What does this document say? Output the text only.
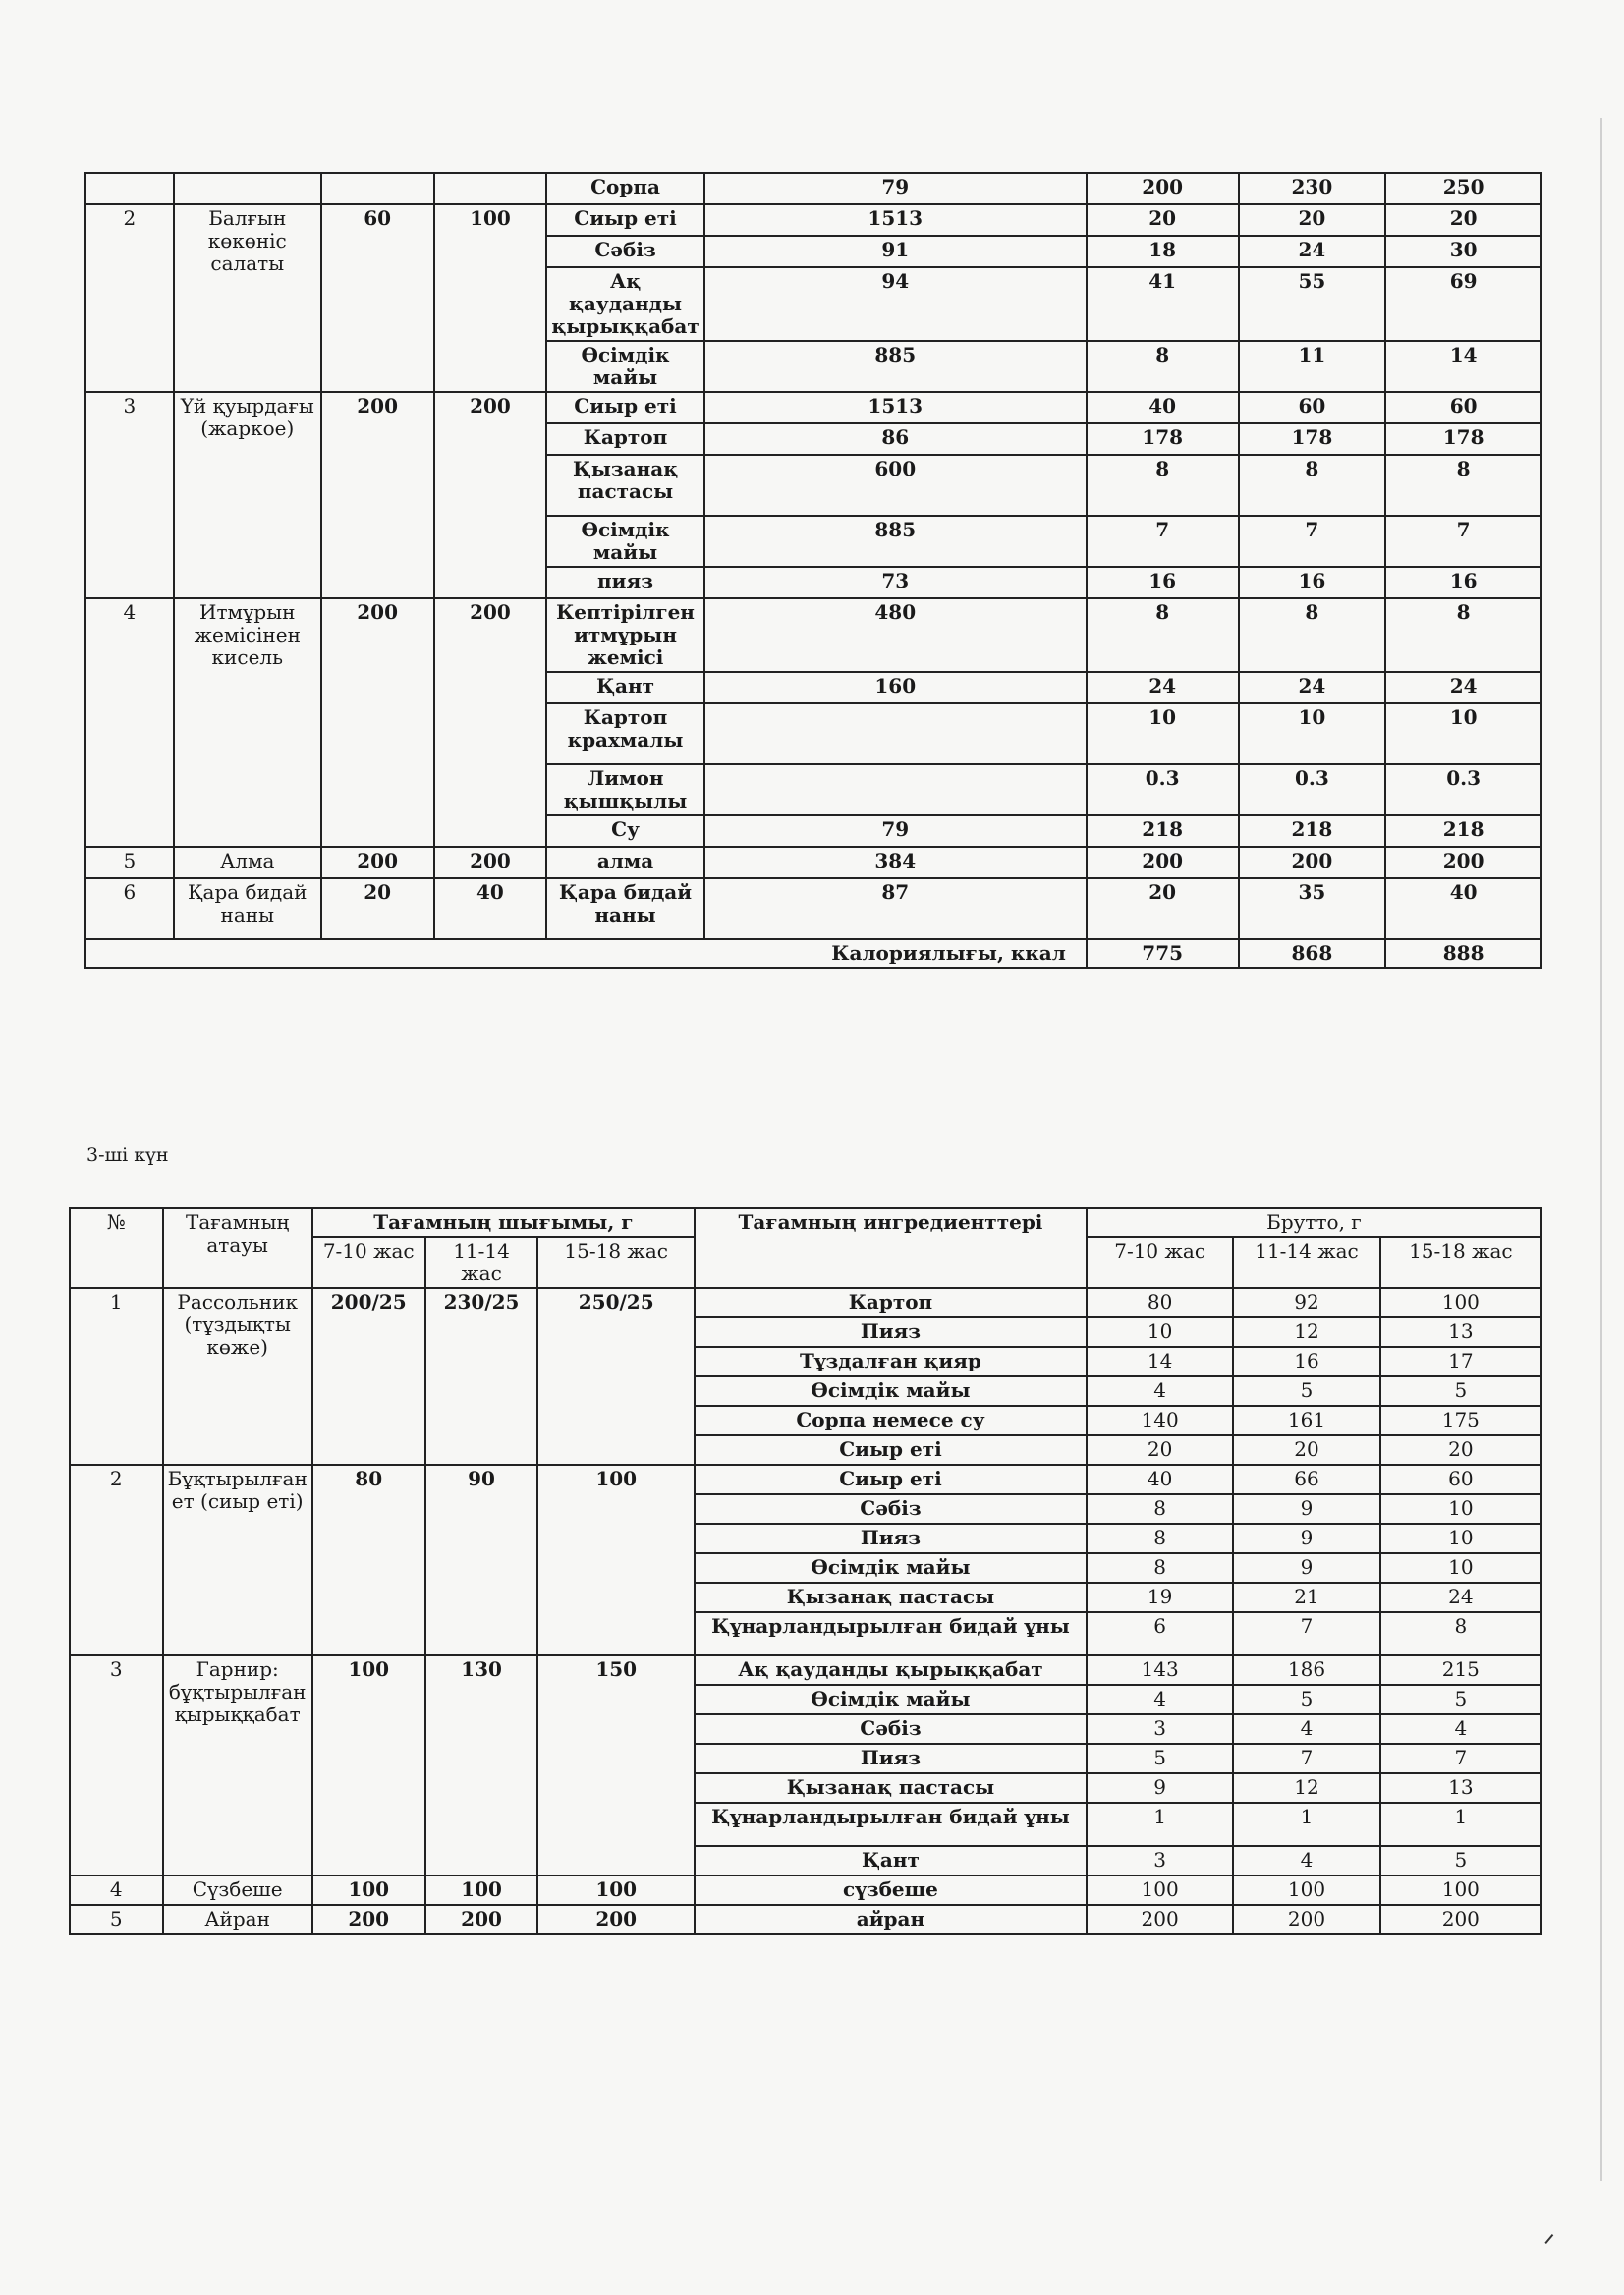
				Сорпа	79	200	230	250
2	Балғын көкөніс салаты	60	100	Сиыр еті	1513	20	20	20
				Сәбіз	91	18	24	30
				Ақ қауданды қырыққабат	94	41	55	69
				Өсімдік майы	885	8	11	14
3	Үй қуырдағы (жаркое)	200	200	Сиыр еті	1513	40	60	60
				Картоп	86	178	178	178
				Қызанақ пастасы	600	8	8	8
				Өсімдік майы	885	7	7	7
				пияз	73	16	16	16
4	Итмұрын жемісінен кисель	200	200	Кептірілген итмұрын жемісі	480	8	8	8
				Қант	160	24	24	24
				Картоп крахмалы		10	10	10
				Лимон қышқылы		0.3	0.3	0.3
				Су	79	218	218	218
5	Алма	200	200	алма	384	200	200	200
6	Қара бидай наны	20	40	Қара бидай наны	87	20	35	40
Калориялығы, ккал						775	868	888
3-ші күн
№	Тағамның атауы	Тағамның шығымы, г			Тағамның ингредиенттері	Брутто, г		
		7-10 жас	11-14 жас	15-18 жас		7-10 жас	11-14 жас	15-18 жас
1	Рассольник (тұздықты көже)	200/25	230/25	250/25	Картоп	80	92	100
					Пияз	10	12	13
					Тұздалған қияр	14	16	17
					Өсімдік майы	4	5	5
					Сорпа немесе су	140	161	175
					Сиыр еті	20	20	20
2	Бұқтырылған ет (сиыр еті)	80	90	100	Сиыр еті	40	66	60
					Сәбіз	8	9	10
					Пияз	8	9	10
					Өсімдік майы	8	9	10
					Қызанақ пастасы	19	21	24
					Құнарландырылған бидай ұны	6	7	8
3	Гарнир: бұқтырылған қырыққабат	100	130	150	Ақ қауданды қырыққабат	143	186	215
					Өсімдік майы	4	5	5
					Сәбіз	3	4	4
					Пияз	5	7	7
					Қызанақ пастасы	9	12	13
					Құнарландырылған бидай ұны	1	1	1
					Қант	3	4	5
4	Сүзбеше	100	100	100	сүзбеше	100	100	100
5	Айран	200	200	200	айран	200	200	200
ᐟ
